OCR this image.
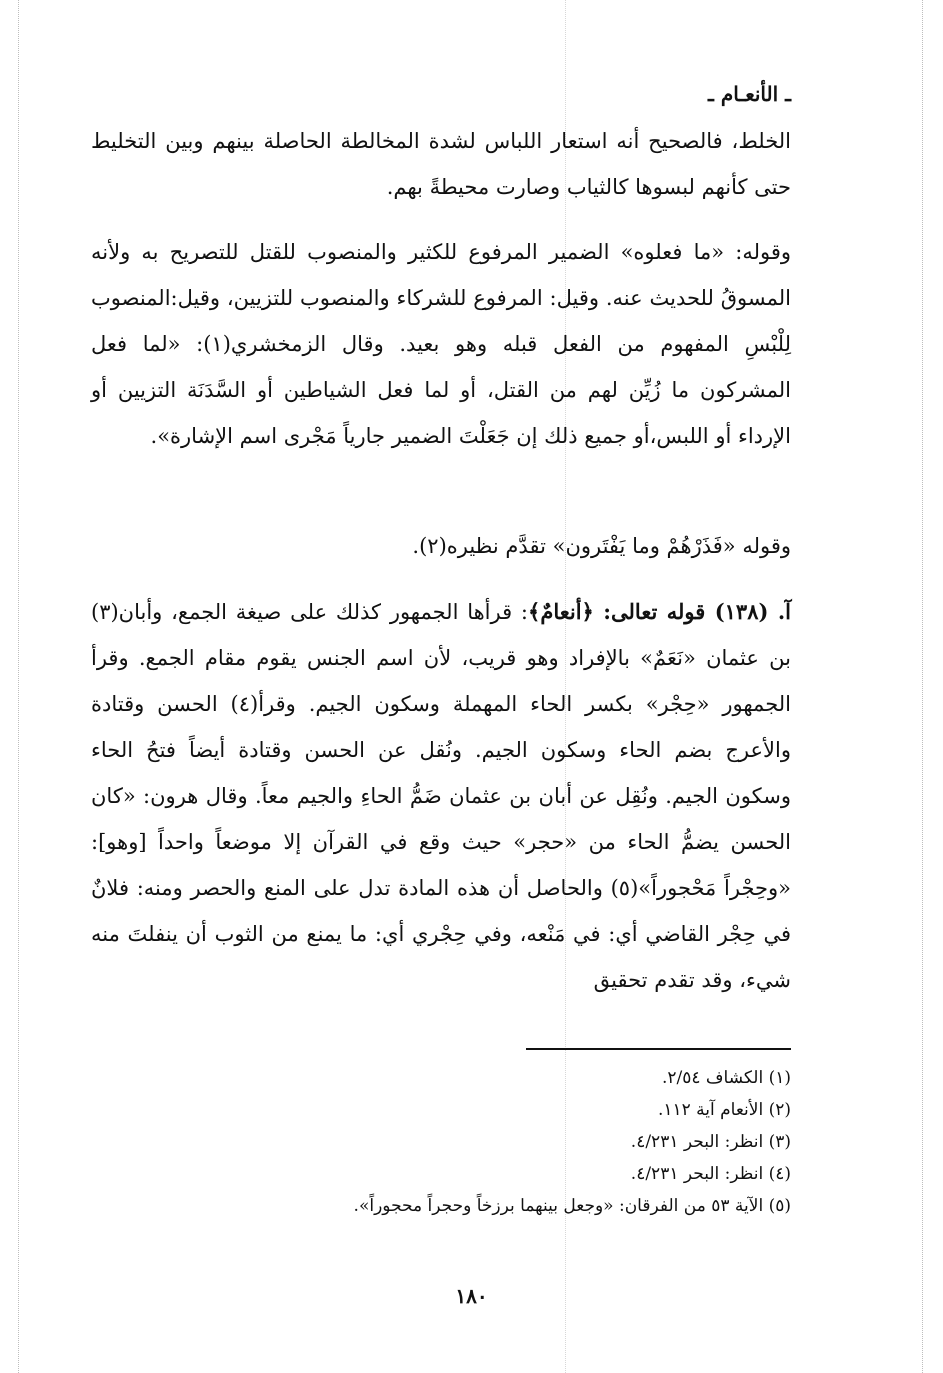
ـ الأنعـام ـ

الخلط، فالصحيح أنه استعار اللباس لشدة المخالطة الحاصلة بينهم وبين التخليط حتى كأنهم لبسوها كالثياب وصارت محيطةً بهم.

وقوله: «ما فعلوه» الضمير المرفوع للكثير والمنصوب للقتل للتصريح به ولأنه المسوقُ للحديث عنه. وقيل: المرفوع للشركاء والمنصوب للتزيين، وقيل:المنصوب لِلْبْسِ المفهوم من الفعل قبله وهو بعيد. وقال الزمخشري(١): «لما فعل المشركون ما زُيِّن لهم من القتل، أو لما فعل الشياطين أو السَّدَنَة التزيين أو الإرداء أو اللبس،أو جميع ذلك إن جَعَلْتَ الضمير جارياً مَجْرى اسم الإشارة».

وقوله «فَذَرْهُمْ وما يَفْتَرون» تقدَّم نظيره(٢).

آ. (١٣٨) قوله تعالى: ﴿أنعامٌ﴾: قرأها الجمهور كذلك على صيغة الجمع، وأبان(٣) بن عثمان «نَعَمٌ» بالإفراد وهو قريب، لأن اسم الجنس يقوم مقام الجمع. وقرأ الجمهور «حِجْر» بكسر الحاء المهملة وسكون الجيم. وقرأ(٤) الحسن وقتادة والأعرج بضم الحاء وسكون الجيم. ونُقل عن الحسن وقتادة أيضاً فتحُ الحاء وسكون الجيم. ونُقِل عن أبان بن عثمان ضَمُّ الحاءِ والجيم معاً. وقال هرون: «كان الحسن يضمُّ الحاء من «حجر» حيث وقع في القرآن إلا موضعاً واحداً [وهو]: «وحِجْراً مَحْجوراً»(٥) والحاصل أن هذه المادة تدل على المنع والحصر ومنه: فلانٌ في حِجْر القاضي أي: في مَنْعه، وفي حِجْري أي: ما يمنع من الثوب أن ينفلتَ منه شيء، وقد تقدم تحقيق

(١) الكشاف ٢/٥٤.
(٢) الأنعام آية ١١٢.
(٣) انظر: البحر ٤/٢٣١.
(٤) انظر: البحر ٤/٢٣١.
(٥) الآية ٥٣ من الفرقان: «وجعل بينهما برزخاً وحجراً محجوراً».
١٨٠
